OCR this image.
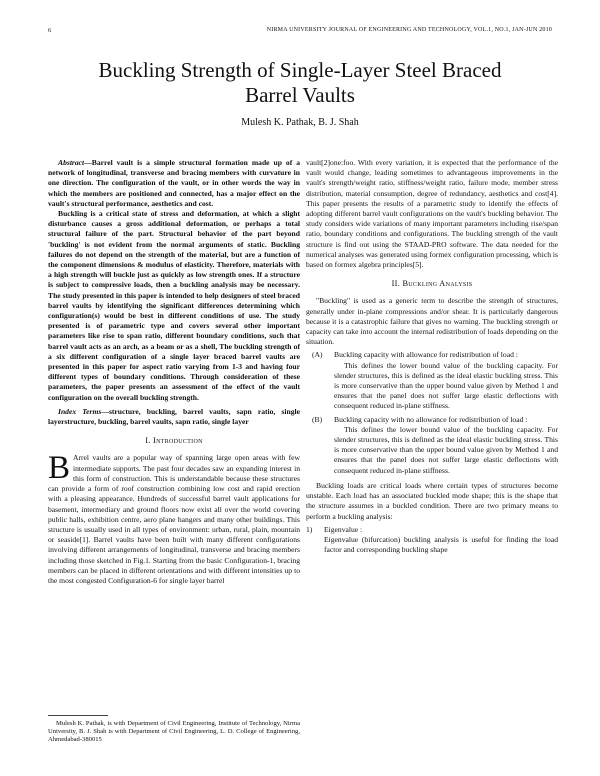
6	NIRMA UNIVERSITY JOURNAL OF ENGINEERING AND TECHNOLOGY, VOL.1, NO.1, JAN-JUN 2010
Buckling Strength of Single-Layer Steel Braced
Barrel Vaults
Mulesh K. Pathak, B. J. Shah

Abstract—Barrel vault is a simple structural formation made up of a network of longitudinal, transverse and bracing members with curvature in one direction. The configuration of the vault, or in other words the way in which the members are positioned and connected, has a major effect on the vault's structural performance, aesthetics and cost.

Buckling is a critical state of stress and deformation, at which a slight disturbance causes a gross additional deformation, or perhaps a total structural failure of the part. Structural behavior of the part beyond 'buckling' is not evident from the normal arguments of static. Buckling failures do not depend on the strength of the material, but are a function of the component dimensions & modulus of elasticity. Therefore, materials with a high strength will buckle just as quickly as low strength ones. If a structure is subject to compressive loads, then a buckling analysis may be necessary. The study presented in this paper is intended to help designers of steel braced barrel vaults by identifying the significant differences determining which configuration(s) would be best in different conditions of use. The study presented is of parametric type and covers several other important parameters like rise to span ratio, different boundary conditions, such that barrel vault acts as an arch, as a beam or as a shell, The buckling strength of a six different configuration of a single layer braced barrel vaults are presented in this paper for aspect ratio varying from 1-3 and having four different types of boundary conditions. Through consideration of these parameters, the paper presents an assessment of the effect of the vault configuration on the overall buckling strength.

Index Terms—structure, buckling, barrel vaults, sapn ratio, single layerstructure, buckling, barrel vaults, sapn ratio, single layer
I. Introduction

B Arrel vaults are a popular way of spanning large open areas with few intermediate supports. The past four decades saw an expanding interest in this form of construction. This is understandable because these structures can provide a form of roof construction combining low cost and rapid erection with a pleasing appearance. Hundreds of successful barrel vault applications for basement, intermediary and ground floors now exist all over the world covering public halls, exhibition centre, aero plane hangers and many other buildings. This structure is usually used in all types of environment: urban, rural, plain, mountain or seaside[1]. Barrel vaults have been built with many different configurations involving different arrangements of longitudinal, transverse and bracing members including those sketched in Fig.1. Starting from the basic Configuration-1, bracing members can be placed in different orientations and with different intensities up to the most congested Configuration-6 for single layer barrel

Mulesh K. Pathak, is with Department of Civil Engineering, Institute of Technology, Nirma University, B. J. Shah is with Department of Civil Engineering, L. D. College of Engineering, Ahmedabad-380015

vault[2]one:foo. With every variation, it is expected that the performance of the vault would change, leading sometimes to advantageous improvements in the vault's strength/weight ratio, stiffness/weight ratio, failure mode, member stress distribution, material consumption, degree of redundancy, aesthetics and cost[4]. This paper presents the results of a parametric study to identify the effects of adopting different barrel vault configurations on the vault's buckling behavior. The study considers wide variations of many important parameters including rise/span ratio, boundary conditions and configurations. The buckling strength of the vault structure is find out using the STAAD-PRO software. The data needed for the numerical analyses was generated using formex configuration processing, which is based on formex algebra principles[5].

II. Buckling Analysis

"Buckling" is used as a generic term to describe the strength of structures, generally under in-plane compressions and/or shear. It is particularly dangerous because it is a catastrophic failure that gives no warning. The buckling strength or capacity can take into account the internal redistribution of loads depending on the situation.

(A)	Buckling capacity with allowance for redistribution of load :
This defines the lower bound value of the buckling capacity. For slender structures, this is defined as the ideal elastic buckling stress. This is more conservative than the upper bound value given by Method 1 and ensures that the panel does not suffer large elastic deflections with consequent reduced in-plane stiffness.
(B)	Buckling capacity with no allowance for redistribution of load :
This defines the lower bound value of the buckling capacity. For slender structures, this is defined as the ideal elastic buckling stress. This is more conservative than the upper bound value given by Method 1 and ensures that the panel does not suffer large elastic deflections with consequent reduced in-plane stiffness.

Buckling loads are critical loads where certain types of structures become unstable. Each load has an associated buckled mode shape; this is the shape that the structure assumes in a buckled condition. There are two primary means to perform a buckling analysis:

1)	Eigenvalue :
Eigenvalue (bifurcation) buckling analysis is useful for finding the load factor and corresponding buckling shape
